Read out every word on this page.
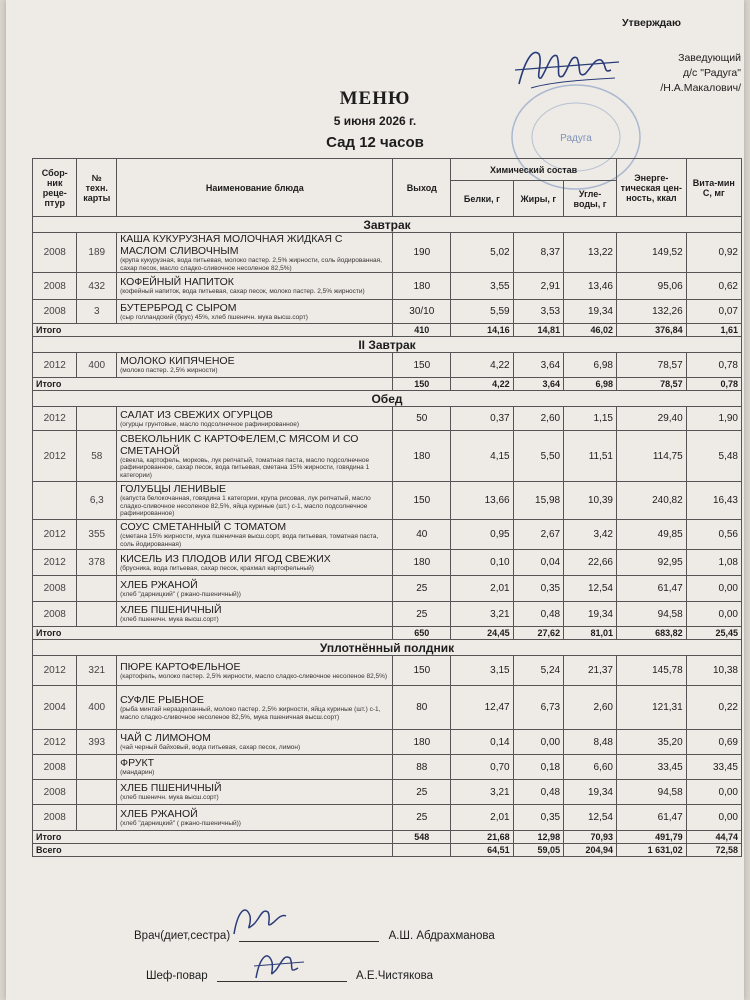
Утверждаю
Заведующий
д/с "Радуга"
/Н.А.Макалович/
Радуга
МЕНЮ
5 июня 2026 г.
Сад 12 часов
Сбор-ник реце-птур	№ техн. карты	Наименование блюда	Выход	Химический состав			Энерге-тическая цен-ность, ккал	Вита-мин С, мг
				Белки, г	Жиры, г	Угле-воды, г		
Завтрак								
2008	189	КАША КУКУРУЗНАЯ МОЛОЧНАЯ ЖИДКАЯ С МАСЛОМ СЛИВОЧНЫМ
(крупа кукурузная, вода питьевая, молоко пастер. 2,5% жирности, соль йодированная, сахар песок, масло сладко-сливочное несоленое 82,5%)	190	5,02	8,37	13,22	149,52	0,92
2008	432	КОФЕЙНЫЙ НАПИТОК
(кофейный напиток, вода питьевая, сахар песок, молоко пастер. 2,5% жирности)	180	3,55	2,91	13,46	95,06	0,62
2008	3	БУТЕРБРОД С СЫРОМ
(сыр голландский (брус) 45%, хлеб пшеничн. мука высш.сорт)	30/10	5,59	3,53	19,34	132,26	0,07
Итого			410	14,16	14,81	46,02	376,84	1,61
II Завтрак								
2012	400	МОЛОКО КИПЯЧЕНОЕ
(молоко пастер. 2,5% жирности)	150	4,22	3,64	6,98	78,57	0,78
Итого			150	4,22	3,64	6,98	78,57	0,78
Обед								
2012		САЛАТ ИЗ СВЕЖИХ ОГУРЦОВ
(огурцы грунтовые, масло подсолнечное рафинированное)	50	0,37	2,60	1,15	29,40	1,90
2012	58	СВЕКОЛЬНИК С КАРТОФЕЛЕМ,С МЯСОМ И СО СМЕТАНОЙ
(свекла, картофель, морковь, лук репчатый, томатная паста, масло подсолнечное рафинированное, сахар песок, вода питьевая, сметана 15% жирности, говядина 1 категории)	180	4,15	5,50	11,51	114,75	5,48
	6,3	ГОЛУБЦЫ ЛЕНИВЫЕ
(капуста белокочанная, говядина 1 категории, крупа рисовая, лук репчатый, масло сладко-сливочное несоленое 82,5%, яйца куриные (шт.) с-1, масло подсолнечное рафинированное)	150	13,66	15,98	10,39	240,82	16,43
2012	355	СОУС СМЕТАННЫЙ С ТОМАТОМ
(сметана 15% жирности, мука пшеничная высш.сорт, вода питьевая, томатная паста, соль йодированная)	40	0,95	2,67	3,42	49,85	0,56
2012	378	КИСЕЛЬ ИЗ ПЛОДОВ ИЛИ ЯГОД СВЕЖИХ
(брусника, вода питьевая, сахар песок, крахмал картофельный)	180	0,10	0,04	22,66	92,95	1,08
2008		ХЛЕБ РЖАНОЙ
(хлеб "дарницкий" ( ржано-пшеничный))	25	2,01	0,35	12,54	61,47	0,00
2008		ХЛЕБ ПШЕНИЧНЫЙ
(хлеб пшеничн. мука высш.сорт)	25	3,21	0,48	19,34	94,58	0,00
Итого			650	24,45	27,62	81,01	683,82	25,45
Уплотнённый полдник								
2012	321	ПЮРЕ КАРТОФЕЛЬНОЕ
(картофель, молоко пастер. 2,5% жирности, масло сладко-сливочное несоленое 82,5%)	150	3,15	5,24	21,37	145,78	10,38
2004	400	СУФЛЕ РЫБНОЕ
(рыба минтай неразделанный, молоко пастер. 2,5% жирности, яйца куриные (шт.) с-1, масло сладко-сливочное несоленое 82,5%, мука пшеничная высш.сорт)	80	12,47	6,73	2,60	121,31	0,22
2012	393	ЧАЙ С ЛИМОНОМ
(чай черный байховый, вода питьевая, сахар песок, лимон)	180	0,14	0,00	8,48	35,20	0,69
2008		ФРУКТ
(мандарин)	88	0,70	0,18	6,60	33,45	33,45
2008		ХЛЕБ ПШЕНИЧНЫЙ
(хлеб пшеничн. мука высш.сорт)	25	3,21	0,48	19,34	94,58	0,00
2008		ХЛЕБ РЖАНОЙ
(хлеб "дарницкий" ( ржано-пшеничный))	25	2,01	0,35	12,54	61,47	0,00
Итого			548	21,68	12,98	70,93	491,79	44,74
Всего				64,51	59,05	204,94	1 631,02	72,58
Врач(диет,сестра)	А.Ш. Абдрахманова
Шеф-повар	А.Е.Чистякова
